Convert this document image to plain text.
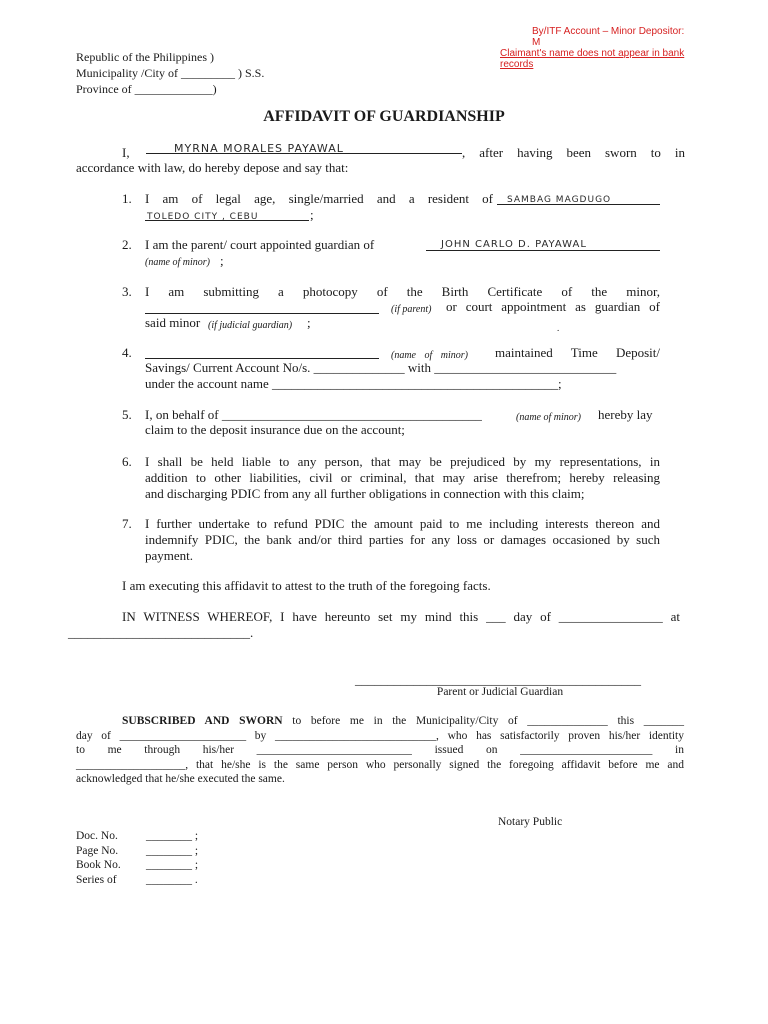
By/ITF Account – Minor Depositor: M
Claimant's name does not appear in bank records
Republic of the Philippines )
Municipality /City of _________ ) S.S.
Province of _____________)
AFFIDAVIT OF GUARDIANSHIP
I,	MYRNA MORALES PAYAWAL	, after having been sworn to in
accordance with law, do hereby depose and say that:
1. I am of legal age, single/married and a resident of SAMBAG MAGDUGO
TOLEDO CITY , CEBU	;
2. I am the parent/ court appointed guardian of	JOHN CARLO D. PAYAWAL
(name of minor) ;
3. I am submitting a photocopy of the Birth Certificate of the minor,
(if parent) or court appointment as guardian of
said minor (if judicial guardian) ;	.
4.	(name of minor) maintained Time Deposit/
Savings/ Current Account No/s. ______________ with ____________________________
under the account name ____________________________________________;
5. I, on behalf of ________________________________________	(name of minor) hereby lay
claim to the deposit insurance due on the account;
6. I shall be held liable to any person, that may be prejudiced by my representations, in
addition to other liabilities, civil or criminal, that may arise therefrom; hereby releasing
and discharging PDIC from any all further obligations in connection with this claim;
7. I further undertake to refund PDIC the amount paid to me including interests thereon and
indemnify PDIC, the bank and/or third parties for any loss or damages occasioned by such
payment.
I am executing this affidavit to attest to the truth of the foregoing facts.
IN WITNESS WHEREOF, I have hereunto set my mind this ___ day of ________________ at
____________________________.
____________________________________________
Parent or Judicial Guardian
SUBSCRIBED AND SWORN to before me in the Municipality/City of ______________ this _______
day of ______________________ by ____________________________, who has satisfactorily proven his/her identity
to me through his/her ___________________________ issued on _______________________ in
___________________, that he/she is the same person who personally signed the foregoing affidavit before me and
acknowledged that he/she executed the same.
Notary Public
Doc. No.	________ ;
Page No.	________ ;
Book No.	________ ;
Series of	________ .
